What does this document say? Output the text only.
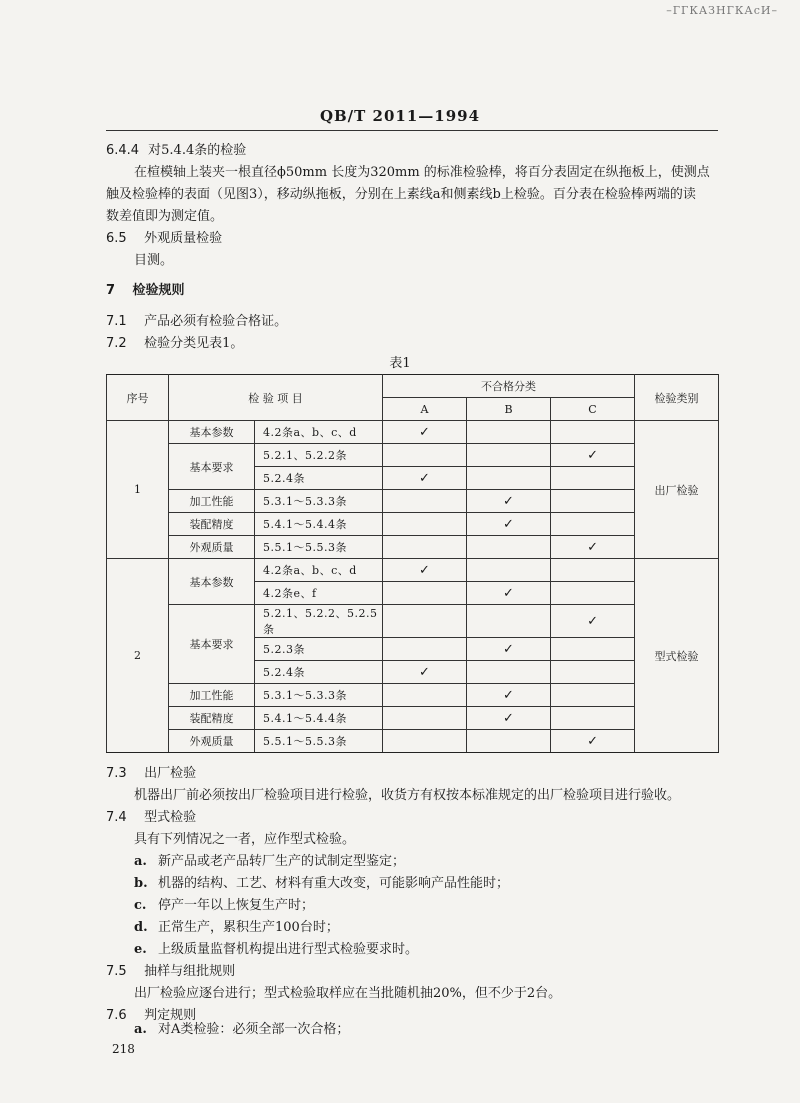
–ГГКАЗНГКАсИ–
QB/T 2011—1994
6.4.4 对5.4.4条的检验
在楦模轴上装夹一根直径ϕ50mm 长度为320mm 的标准检验棒，将百分表固定在纵拖板上，使测点
触及检验棒的表面（见图3），移动纵拖板，分别在上素线a和侧素线b上检验。百分表在检验棒两端的读
数差值即为测定值。
6.5 外观质量检验
目测。
7 检验规则
7.1 产品必须有检验合格证。
7.2 检验分类见表1。
表1
序号	检 验 项 目		不合格分类			检验类别
			A	B	C	
1	基本参数	4.2条a、b、c、d	✓			出厂检验
	基本要求	5.2.1、5.2.2条			✓	
		5.2.4条	✓			
	加工性能	5.3.1～5.3.3条		✓		
	装配精度	5.4.1～5.4.4条		✓		
	外观质量	5.5.1～5.5.3条			✓	
2	基本参数	4.2条a、b、c、d	✓			型式检验
		4.2条e、f		✓		
	基本要求	5.2.1、5.2.2、5.2.5条			✓	
		5.2.3条		✓		
		5.2.4条	✓			
	加工性能	5.3.1～5.3.3条		✓		
	装配精度	5.4.1～5.4.4条		✓		
	外观质量	5.5.1～5.5.3条			✓	
7.3 出厂检验
机器出厂前必须按出厂检验项目进行检验，收货方有权按本标准规定的出厂检验项目进行验收。
7.4 型式检验
具有下列情况之一者，应作型式检验。
a. 新产品或老产品转厂生产的试制定型鉴定；
b. 机器的结构、工艺、材料有重大改变，可能影响产品性能时；
c. 停产一年以上恢复生产时；
d. 正常生产，累积生产100台时；
e. 上级质量监督机构提出进行型式检验要求时。
7.5 抽样与组批规则
出厂检验应逐台进行；型式检验取样应在当批随机抽20%，但不少于2台。
7.6 判定规则
a. 对A类检验：必须全部一次合格；
218
